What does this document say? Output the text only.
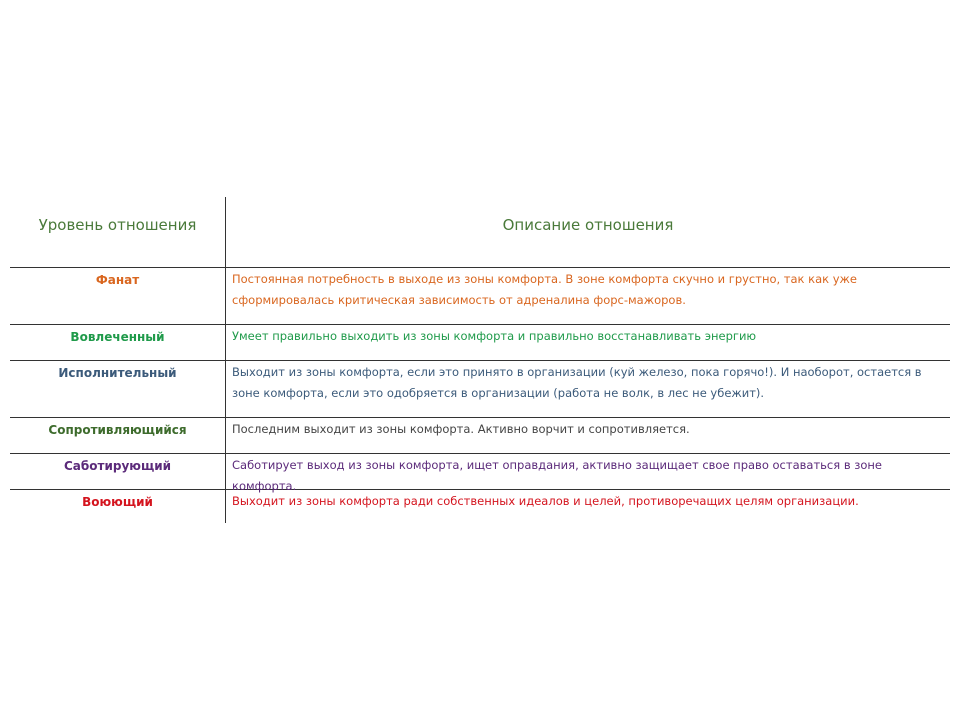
Уровень отношения	Описание отношения
Фанат	Постоянная потребность в выходе из зоны комфорта. В зоне комфорта скучно и грустно, так как уже сформировалась критическая зависимость от адреналина форс-мажоров.
Вовлеченный	Умеет правильно выходить из зоны комфорта и правильно восстанавливать энергию
Исполнительный	Выходит из зоны комфорта, если это принято в организации (куй железо, пока горячо!). И наоборот, остается в зоне комфорта, если это одобряется в организации (работа не волк, в лес не убежит).
Сопротивляющийся	Последним выходит из зоны комфорта. Активно ворчит и сопротивляется.
Саботирующий	Саботирует выход из зоны комфорта, ищет оправдания, активно защищает свое право оставаться в зоне комфорта.
Воюющий	Выходит из зоны комфорта ради собственных идеалов и целей, противоречащих целям организации.
